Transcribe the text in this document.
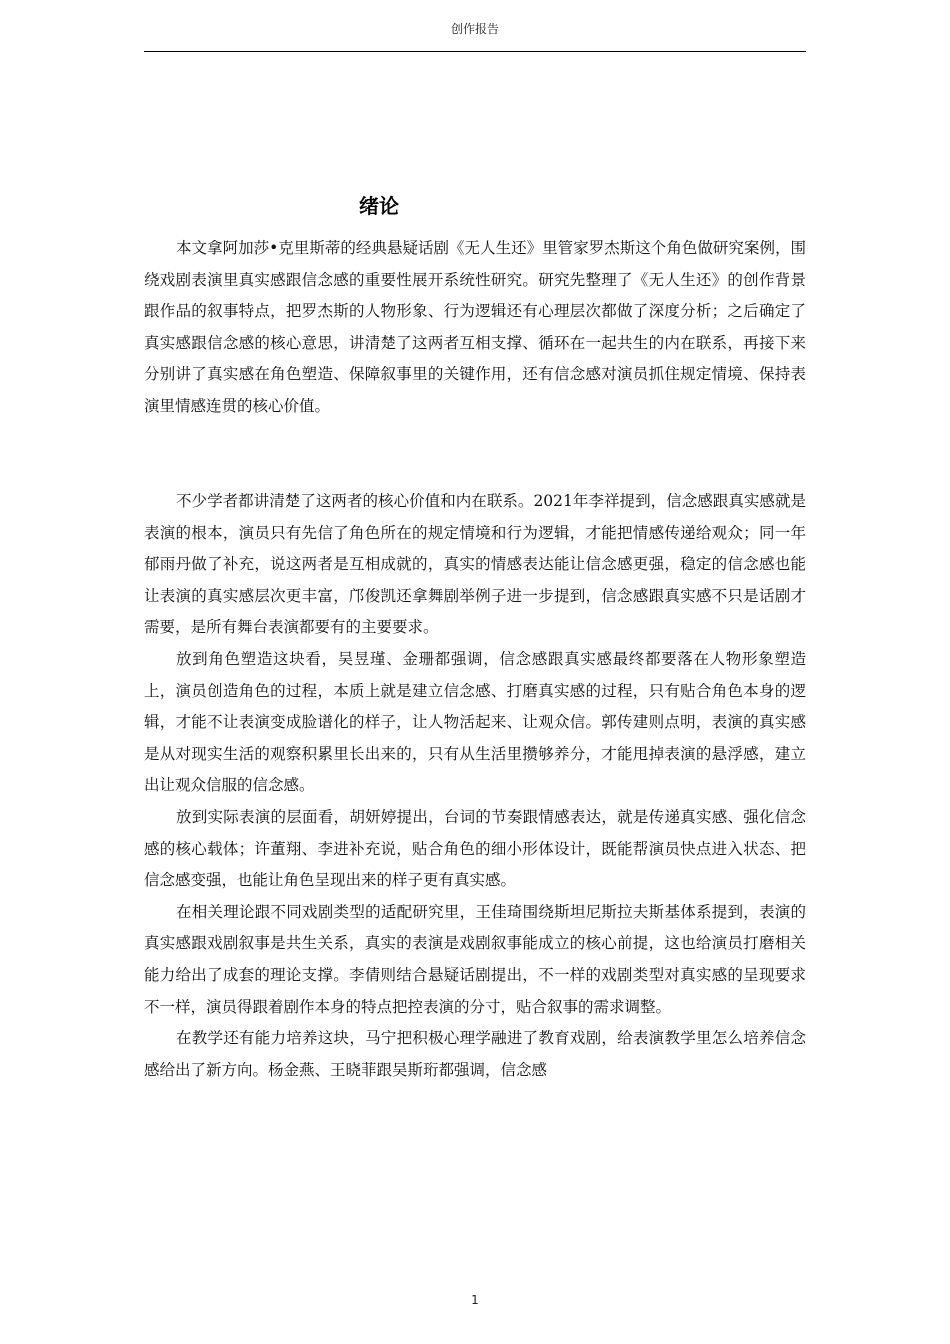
创作报告
绪论

本文拿阿加莎•克里斯蒂的经典悬疑话剧《无人生还》里管家罗杰斯这个角色做研究案例，围绕戏剧表演里真实感跟信念感的重要性展开系统性研究。研究先整理了《无人生还》的创作背景跟作品的叙事特点，把罗杰斯的人物形象、行为逻辑还有心理层次都做了深度分析；之后确定了真实感跟信念感的核心意思，讲清楚了这两者互相支撑、循环在一起共生的内在联系，再接下来分别讲了真实感在角色塑造、保障叙事里的关键作用，还有信念感对演员抓住规定情境、保持表演里情感连贯的核心价值。

不少学者都讲清楚了这两者的核心价值和内在联系。2021年李祥提到，信念感跟真实感就是表演的根本，演员只有先信了角色所在的规定情境和行为逻辑，才能把情感传递给观众；同一年郁雨丹做了补充，说这两者是互相成就的，真实的情感表达能让信念感更强，稳定的信念感也能让表演的真实感层次更丰富，邝俊凯还拿舞剧举例子进一步提到，信念感跟真实感不只是话剧才需要，是所有舞台表演都要有的主要要求。

放到角色塑造这块看，吴昱瑾、金珊都强调，信念感跟真实感最终都要落在人物形象塑造上，演员创造角色的过程，本质上就是建立信念感、打磨真实感的过程，只有贴合角色本身的逻辑，才能不让表演变成脸谱化的样子，让人物活起来、让观众信。郭传建则点明，表演的真实感是从对现实生活的观察积累里长出来的，只有从生活里攒够养分，才能甩掉表演的悬浮感，建立出让观众信服的信念感。

放到实际表演的层面看，胡妍婷提出，台词的节奏跟情感表达，就是传递真实感、强化信念感的核心载体；许董翔、李进补充说，贴合角色的细小形体设计，既能帮演员快点进入状态、把信念感变强，也能让角色呈现出来的样子更有真实感。

在相关理论跟不同戏剧类型的适配研究里，王佳琦围绕斯坦尼斯拉夫斯基体系提到，表演的真实感跟戏剧叙事是共生关系，真实的表演是戏剧叙事能成立的核心前提，这也给演员打磨相关能力给出了成套的理论支撑。李倩则结合悬疑话剧提出，不一样的戏剧类型对真实感的呈现要求不一样，演员得跟着剧作本身的特点把控表演的分寸，贴合叙事的需求调整。

在教学还有能力培养这块，马宁把积极心理学融进了教育戏剧，给表演教学里怎么培养信念感给出了新方向。杨金燕、王晓菲跟吴斯珩都强调，信念感

1
